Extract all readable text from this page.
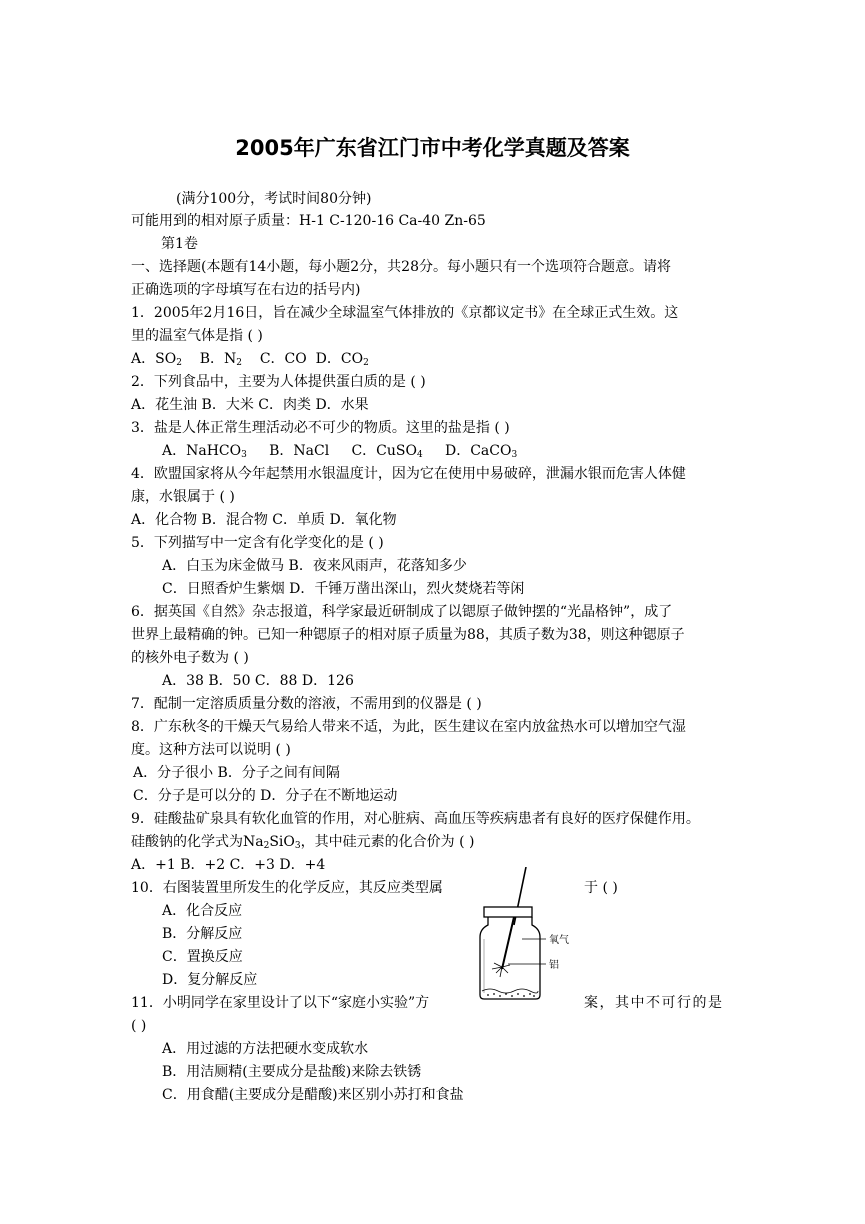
2005年广东省江门市中考化学真题及答案
(满分100分，考试时间80分钟)
可能用到的相对原子质量：H-1 C-120-16 Ca-40 Zn-65
第1卷
一、选择题(本题有14小题，每小题2分，共28分。每小题只有一个选项符合题意。请将
正确选项的字母填写在右边的括号内)
1．2005年2月16日，旨在减少全球温室气体排放的《京都议定书》在全球正式生效。这
里的温室气体是指 ( )
A．$SO_2$ B．$N_2$ C．CO D．$CO_2$
2．下列食品中，主要为人体提供蛋白质的是 ( )
A．花生油 B．大米 C．肉类 D．水果
3．盐是人体正常生理活动必不可少的物质。这里的盐是指 ( )
A．NaHCO$_3$ B．NaCl C．CuSO$_4$ D．CaCO$_3$
4．欧盟国家将从今年起禁用水银温度计，因为它在使用中易破碎，泄漏水银而危害人体健
康，水银属于 ( )
A．化合物 B．混合物 C．单质 D．氧化物
5．下列描写中一定含有化学变化的是 ( )
A．白玉为床金做马 B．夜来风雨声，花落知多少
C．日照香炉生紫烟 D．千锤万凿出深山，烈火焚烧若等闲
6．据英国《自然》杂志报道，科学家最近研制成了以锶原子做钟摆的“光晶格钟”，成了
世界上最精确的钟。已知一种锶原子的相对原子质量为88，其质子数为38，则这种锶原子
的核外电子数为 ( )
A．38 B．50 C．88 D．126
7．配制一定溶质质量分数的溶液，不需用到的仪器是 ( )
8．广东秋冬的干燥天气易给人带来不适，为此，医生建议在室内放盆热水可以增加空气湿
度。这种方法可以说明 ( )
A．分子很小 B．分子之间有间隔
C．分子是可以分的 D．分子在不断地运动
9．硅酸盐矿泉具有软化血管的作用，对心脏病、高血压等疾病患者有良好的医疗保健作用。
硅酸钠的化学式为$Na_2SiO_3$，其中硅元素的化合价为 ( )
A．+1 B．+2 C．+3 D．+4
10．右图装置里所发生的化学反应，其反应类型属	于 ( )
A．化合反应
B．分解反应
C．置换反应
D．复分解反应
氧气
铝
11．小明同学在家里设计了以下“家庭小实验”方	案，其中不可行的是
( )
A．用过滤的方法把硬水变成软水
B．用洁厕精(主要成分是盐酸)来除去铁锈
C．用食醋(主要成分是醋酸)来区别小苏打和食盐
